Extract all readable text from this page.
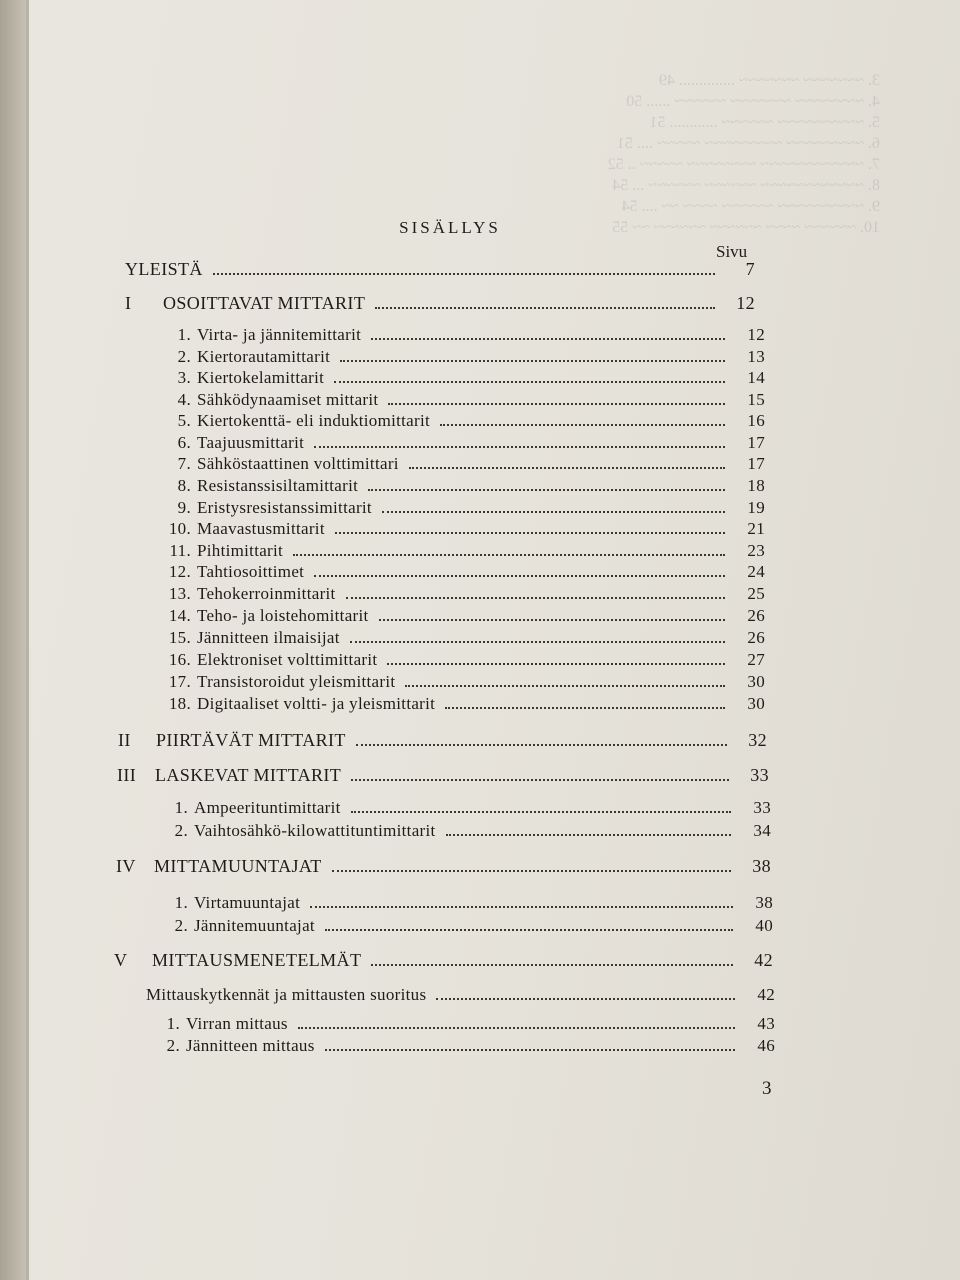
3. ~~~~~~~ ~~~~~~~ .............. 49
4. ~~~~~~~~ ~~~~~~~ ~~~~~~ ...... 50
5. ~~~~~~~~~~ ~~~~~~ ............ 51
6. ~~~~~~~~~ ~~~~~~~~~ ~~~~~ .... 51
7. ~~~~~~~~~~~~ ~~~~~~~~ ~~~~~ .. 52
8. ~~~~~~~~~~~~ ~~~~~~ ~~~~~~ ... 54
9. ~~~~~~~~~~ ~~~~~~ ~~~~ ~~ .... 54
10. ~~~~~~ ~~~~ ~~~~~~ ~~~~~~ ~~ 55
SISÄLLYS
Sivu
YLEISTÄ	7
I	OSOITTAVAT MITTARIT	12
1. Virta- ja jännitemittarit	12
2. Kiertorautamittarit	13
3. Kiertokelamittarit	14
4. Sähködynaamiset mittarit	15
5. Kiertokenttä- eli induktiomittarit	16
6. Taajuusmittarit	17
7. Sähköstaattinen volttimittari	17
8. Resistanssisiltamittarit	18
9. Eristysresistanssimittarit	19
10. Maavastusmittarit	21
11. Pihtimittarit	23
12. Tahtiosoittimet	24
13. Tehokerroinmittarit	25
14. Teho- ja loistehomittarit	26
15. Jännitteen ilmaisijat	26
16. Elektroniset volttimittarit	27
17. Transistoroidut yleismittarit	30
18. Digitaaliset voltti- ja yleismittarit	30
II	PIIRTÄVÄT MITTARIT	32
III	LASKEVAT MITTARIT	33
1. Ampeerituntimittarit	33
2. Vaihtosähkö-kilowattituntimittarit	34
IV	MITTAMUUNTAJAT	38
1. Virtamuuntajat	38
2. Jännitemuuntajat	40
V	MITTAUSMENETELMÄT	42
Mittauskytkennät ja mittausten suoritus	42
1. Virran mittaus	43
2. Jännitteen mittaus	46
3
